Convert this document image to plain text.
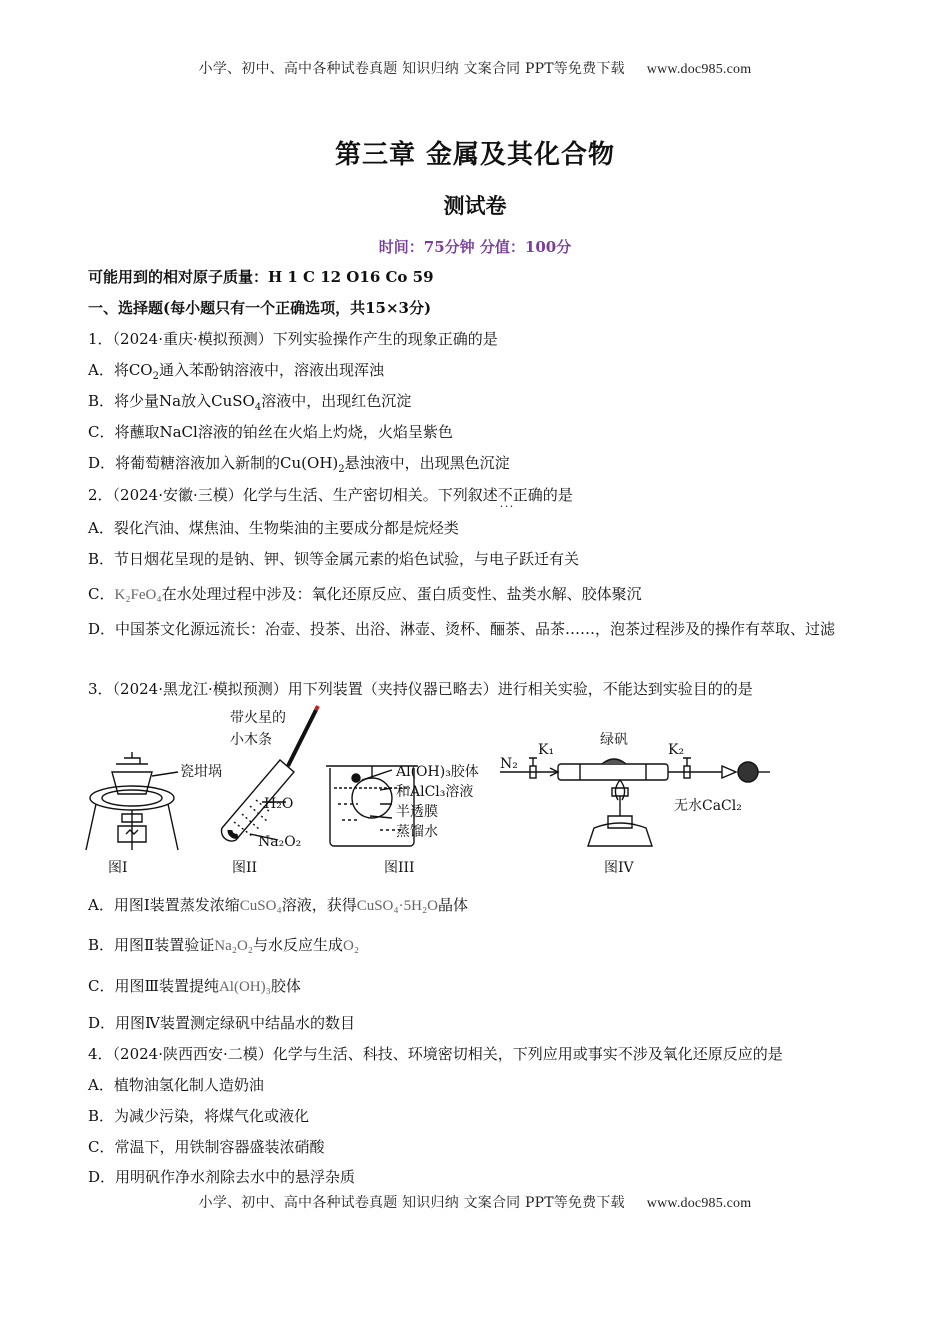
小学、初中、高中各种试卷真题 知识归纳 文案合同 PPT等免费下载 www.doc985.com
第三章 金属及其化合物
测试卷
时间：75分钟 分值：100分
可能用到的相对原子质量：H 1 C 12 O16 Co 59
一、选择题(每小题只有一个正确选项，共15×3分)
1．（2024·重庆·模拟预测）下列实验操作产生的现象正确的是
A．将$CO_2$通入苯酚钠溶液中，溶液出现浑浊
B．将少量Na放入CuSO$_4$溶液中，出现红色沉淀
C．将蘸取NaCl溶液的铂丝在火焰上灼烧，火焰呈紫色
D．将葡萄糖溶液加入新制的$Cu(OH)_2$悬浊液中，出现黑色沉淀
2．（2024·安徽·三模）化学与生活、生产密切相关。下列叙述不正确 · · ·的是
A．裂化汽油、煤焦油、生物柴油的主要成分都是烷烃类
B．节日烟花呈现的是钠、钾、钡等金属元素的焰色试验，与电子跃迁有关
C．K₂FeO₄在水处理过程中涉及：氧化还原反应、蛋白质变性、盐类水解、胶体聚沉
D．中国茶文化源远流长：冶壶、投茶、出浴、淋壶、烫杯、酾茶、品茶……，泡茶过程涉及的操作有萃取、过滤
3．（2024·黑龙江·模拟预测）用下列装置（夹持仪器已略去）进行相关实验，不能达到实验目的的是
瓷坩埚
带火星的
小木条
H₂O
Na₂O₂
Al(OH)₃胶体
和AlCl₃溶液
半透膜
蒸馏水
N₂
K₁
绿矾
K₂
无水CaCl₂
图I	图II	图III	图IV
A．用图Ⅰ装置蒸发浓缩CuSO₄溶液，获得CuSO₄·5H₂O晶体
B．用图Ⅱ装置验证Na₂O₂与水反应生成O₂
C．用图Ⅲ装置提纯Al(OH)₃胶体
D．用图Ⅳ装置测定绿矾中结晶水的数目
4．（2024·陕西西安·二模）化学与生活、科技、环境密切相关，下列应用或事实不涉及氧化还原反应的是
A．植物油氢化制人造奶油
B．为减少污染，将煤气化或液化
C．常温下，用铁制容器盛装浓硝酸
D．用明矾作净水剂除去水中的悬浮杂质
小学、初中、高中各种试卷真题 知识归纳 文案合同 PPT等免费下载 www.doc985.com
